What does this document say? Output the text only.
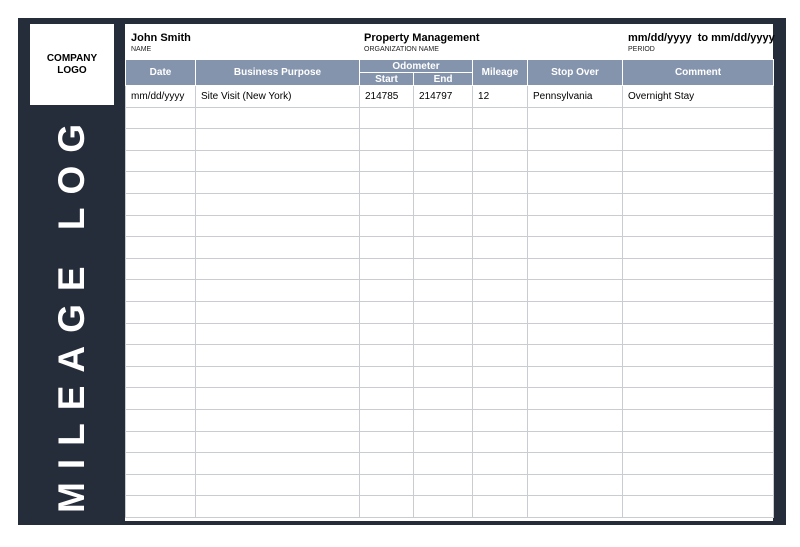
COMPANY
LOGO
MILEAGE LOG
John Smith
NAME
Property Management
ORGANIZATION NAME
mm/dd/yyyy  to mm/dd/yyyy
PERIOD
Date	Business Purpose	Odometer		Mileage	Stop Over	Comment
		Start	End			
mm/dd/yyyy	Site Visit (New York)	214785	214797	12	Pennsylvania	Overnight Stay
